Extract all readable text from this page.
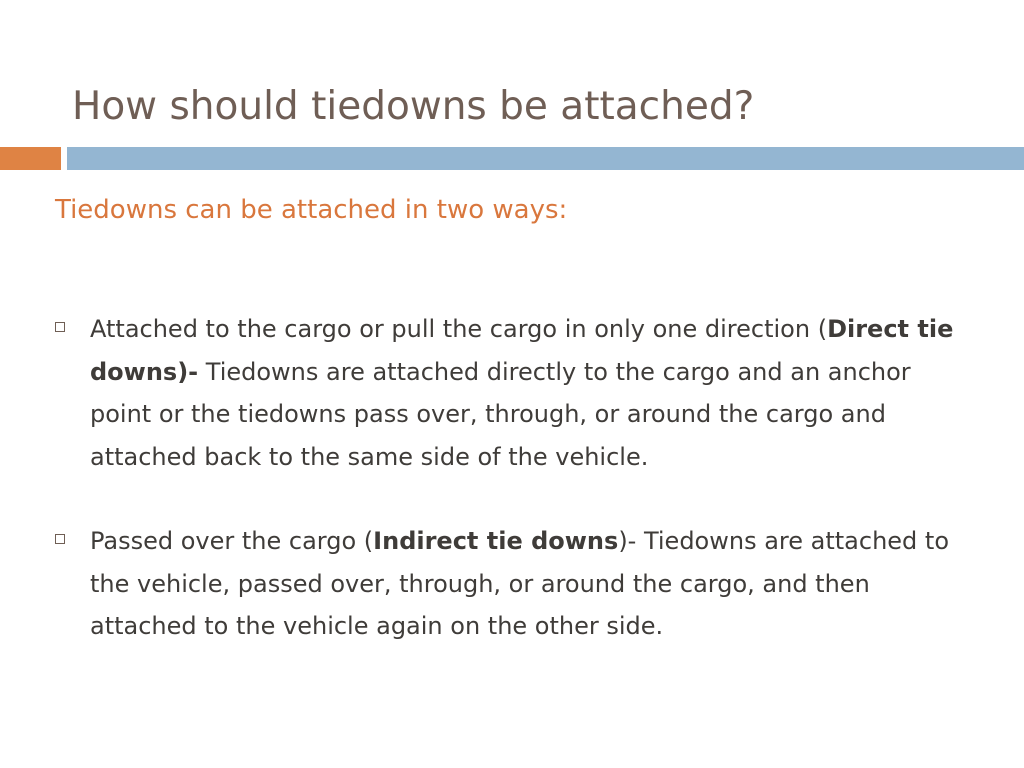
How should tiedowns be attached?

Tiedowns can be attached in two ways:

Attached to the cargo or pull the cargo in only one direction (Direct tie downs)- Tiedowns are attached directly to the cargo and an anchor point or the tiedowns pass over, through, or around the cargo and attached back to the same side of the vehicle.
Passed over the cargo (Indirect tie downs)- Tiedowns are attached to the vehicle, passed over, through, or around the cargo, and then attached to the vehicle again on the other side.
